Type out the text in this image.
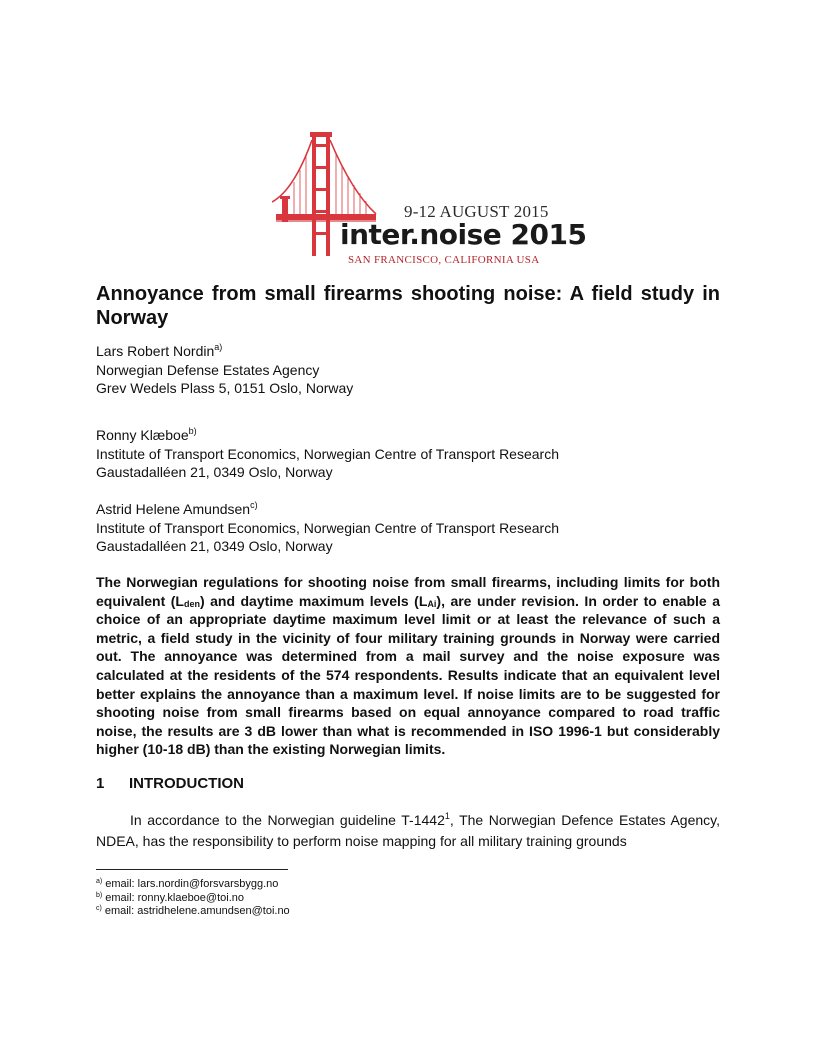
9-12 AUGUST 2015
inter.noise 2015
SAN FRANCISCO, CALIFORNIA USA
Annoyance from small firearms shooting noise: A field study in Norway
Lars Robert Nordin$^{a)}$
Norwegian Defense Estates Agency
Grev Wedels Plass 5, 0151 Oslo, Norway
Ronny Klæboe$^{b)}$
Institute of Transport Economics, Norwegian Centre of Transport Research
Gaustadalléen 21, 0349 Oslo, Norway
Astrid Helene Amundsen$^{c)}$
Institute of Transport Economics, Norwegian Centre of Transport Research
Gaustadalléen 21, 0349 Oslo, Norway
The Norwegian regulations for shooting noise from small firearms, including limits for both equivalent $(L_{den})$ and daytime maximum levels $(L_{Ai})$, are under revision. In order to enable a choice of an appropriate daytime maximum level limit or at least the relevance of such a metric, a field study in the vicinity of four military training grounds in Norway were carried out. The annoyance was determined from a mail survey and the noise exposure was calculated at the residents of the 574 respondents. Results indicate that an equivalent level better explains the annoyance than a maximum level. If noise limits are to be suggested for shooting noise from small firearms based on equal annoyance compared to road traffic noise, the results are 3 dB lower than what is recommended in ISO 1996-1 but considerably higher (10-18 dB) than the existing Norwegian limits.
1 INTRODUCTION
In accordance to the Norwegian guideline T-1442$^1$, The Norwegian Defence Estates Agency, NDEA, has the responsibility to perform noise mapping for all military training grounds
$^{a)}$ email: lars.nordin@forsvarsbygg.no
$^{b)}$ email: ronny.klaeboe@toi.no
$^{c)}$ email: astridhelene.amundsen@toi.no
